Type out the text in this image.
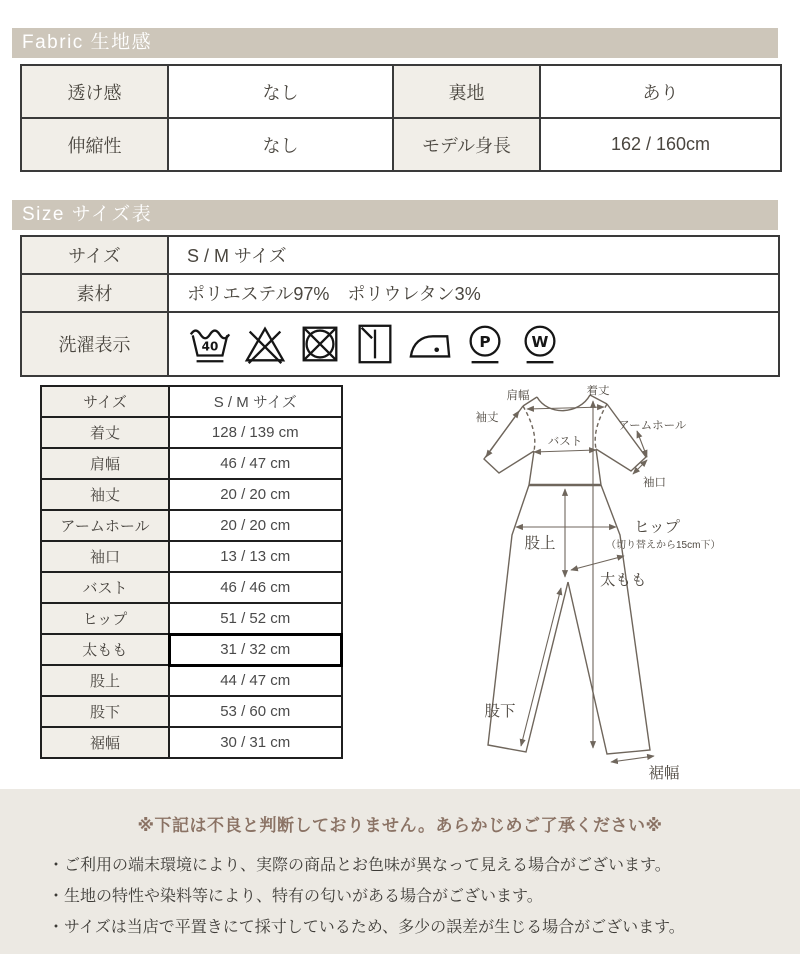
Fabric 生地感
透け感	なし	裏地	あり
伸縮性	なし	モデル身長	162 / 160cm
Size サイズ表
サイズ	S / M サイズ
素材	ポリエステル97%　ポリウレタン3%
洗濯表示	40 P W
サイズ	S / M サイズ
着丈	128 / 139 cm
肩幅	46 / 47 cm
袖丈	20 / 20 cm
アームホール	20 / 20 cm
袖口	13 / 13 cm
バスト	46 / 46 cm
ヒップ	51 / 52 cm
太もも	31 / 32 cm
股上	44 / 47 cm
股下	53 / 60 cm
裾幅	30 / 31 cm
着丈
肩幅
袖丈
アームホール
バスト
袖口
ヒップ
（切り替えから15cm下）
股上
太もも
股下
裾幅
※下記は不良と判断しておりません。あらかじめご了承ください※
・ご利用の端末環境により、実際の商品とお色味が異なって見える場合がございます。
・生地の特性や染料等により、特有の匂いがある場合がございます。
・サイズは当店で平置きにて採寸しているため、多少の誤差が生じる場合がございます。
